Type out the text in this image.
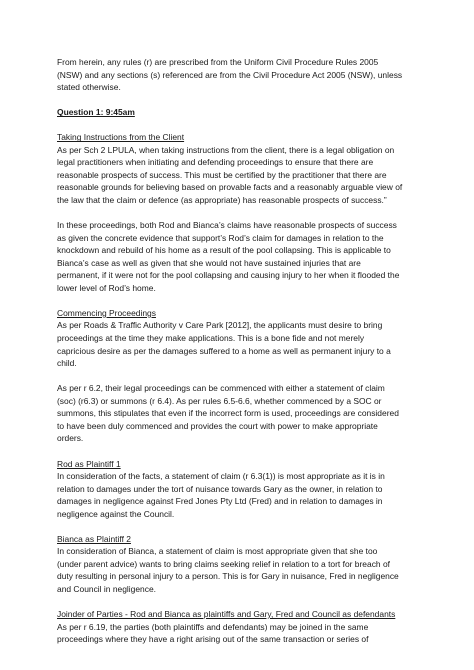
From herein, any rules (r) are prescribed from the Uniform Civil Procedure Rules 2005
(NSW) and any sections (s) referenced are from the Civil Procedure Act 2005 (NSW), unless
stated otherwise.
Question 1: 9:45am
Taking Instructions from the Client
As per Sch 2 LPULA, when taking instructions from the client, there is a legal obligation on
legal practitioners when initiating and defending proceedings to ensure that there are
reasonable prospects of success. This must be certified by the practitioner that there are
reasonable grounds for believing based on provable facts and a reasonably arguable view of
the law that the claim or defence (as appropriate) has reasonable prospects of success.”
In these proceedings, both Rod and Bianca’s claims have reasonable prospects of success
as given the concrete evidence that support’s Rod’s claim for damages in relation to the
knockdown and rebuild of his home as a result of the pool collapsing. This is applicable to
Bianca’s case as well as given that she would not have sustained injuries that are
permanent, if it were not for the pool collapsing and causing injury to her when it flooded the
lower level of Rod’s home.
Commencing Proceedings
As per Roads & Traffic Authority v Care Park [2012], the applicants must desire to bring
proceedings at the time they make applications. This is a bone fide and not merely
capricious desire as per the damages suffered to a home as well as permanent injury to a
child.
As per r 6.2, their legal proceedings can be commenced with either a statement of claim
(soc) (r6.3) or summons (r 6.4). As per rules 6.5-6.6, whether commenced by a SOC or
summons, this stipulates that even if the incorrect form is used, proceedings are considered
to have been duly commenced and provides the court with power to make appropriate
orders.
Rod as Plaintiff 1
In consideration of the facts, a statement of claim (r 6.3(1)) is most appropriate as it is in
relation to damages under the tort of nuisance towards Gary as the owner, in relation to
damages in negligence against Fred Jones Pty Ltd (Fred) and in relation to damages in
negligence against the Council.
Bianca as Plaintiff 2
In consideration of Bianca, a statement of claim is most appropriate given that she too
(under parent advice) wants to bring claims seeking relief in relation to a tort for breach of
duty resulting in personal injury to a person. This is for Gary in nuisance, Fred in negligence
and Council in negligence.
Joinder of Parties - Rod and Bianca as plaintiffs and Gary, Fred and Council as defendants
As per r 6.19, the parties (both plaintiffs and defendants) may be joined in the same
proceedings where they have a right arising out of the same transaction or series of
